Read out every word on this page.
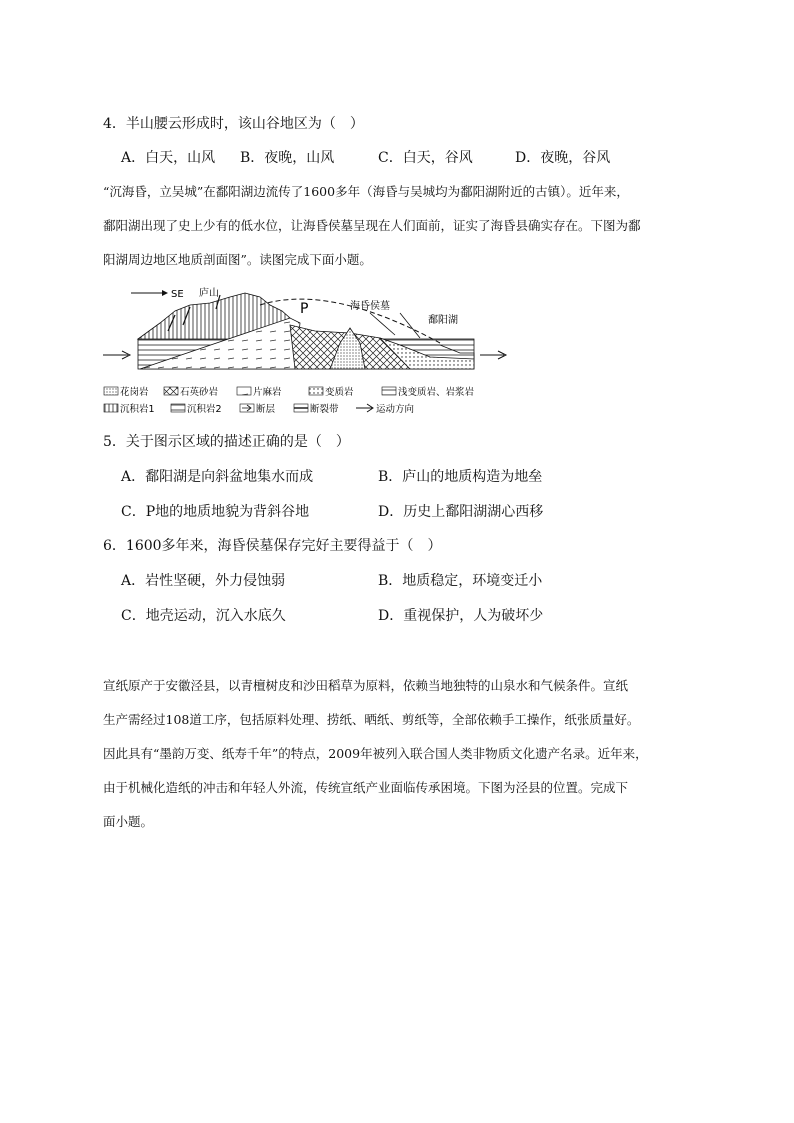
4．半山腰云形成时，该山谷地区为（　）
A．白天，山风 B．夜晚，山风	C．白天，谷风	D．夜晚，谷风
“沉海昏，立吴城”在鄱阳湖边流传了1600多年（海昏与吴城均为鄱阳湖附近的古镇）。近年来，
鄱阳湖出现了史上少有的低水位，让海昏侯墓呈现在人们面前，证实了海昏县确实存在。下图为鄱
阳湖周边地区地质剖面图”。读图完成下面小题。
SE 庐山
P	海昏侯墓
鄱阳湖
花岗岩	石英砂岩	片麻岩	变质岩	浅变质岩、岩浆岩
沉积岩1	沉积岩2	断层	断裂带	运动方向
5．关于图示区域的描述正确的是（　）
A．鄱阳湖是向斜盆地集水而成	B．庐山的地质构造为地垒
C．P地的地质地貌为背斜谷地	D．历史上鄱阳湖湖心西移
6．1600多年来，海昏侯墓保存完好主要得益于（　）
A．岩性坚硬，外力侵蚀弱	B．地质稳定，环境变迁小
C．地壳运动，沉入水底久	D．重视保护，人为破坏少
宣纸原产于安徽泾县，以青檀树皮和沙田稻草为原料，依赖当地独特的山泉水和气候条件。宣纸
生产需经过108道工序，包括原料处理、捞纸、晒纸、剪纸等，全部依赖手工操作，纸张质量好。
因此具有“墨韵万变、纸寿千年”的特点，2009年被列入联合国人类非物质文化遗产名录。近年来，
由于机械化造纸的冲击和年轻人外流，传统宣纸产业面临传承困境。下图为泾县的位置。完成下
面小题。
